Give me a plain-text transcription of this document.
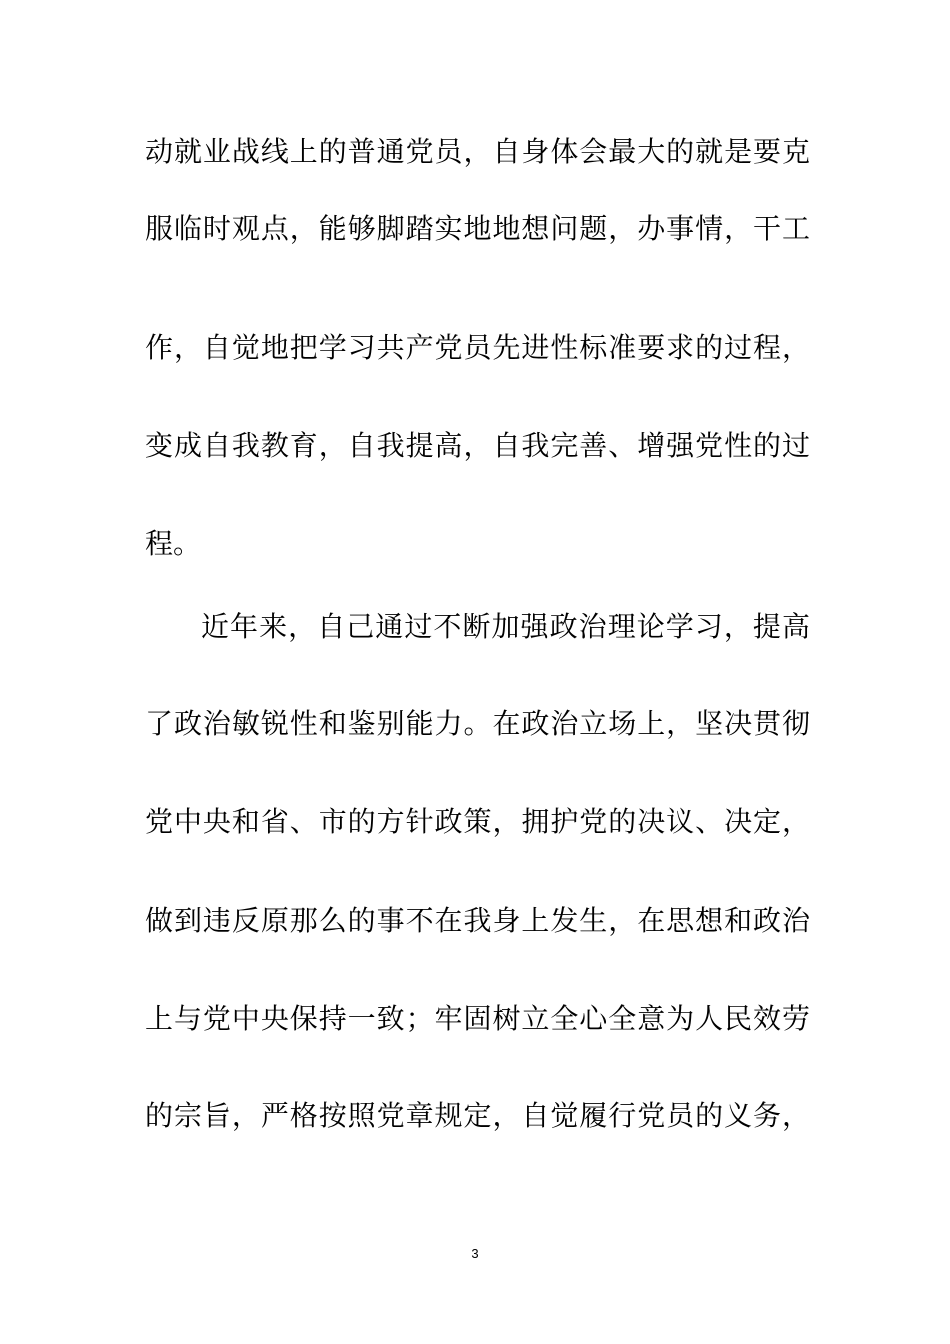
动就业战线上的普通党员，自身体会最大的就是要克
服临时观点，能够脚踏实地地想问题，办事情，干工
作，自觉地把学习共产党员先进性标准要求的过程，
变成自我教育，自我提高，自我完善、增强党性的过
程。
近年来，自己通过不断加强政治理论学习，提高
了政治敏锐性和鉴别能力。在政治立场上，坚决贯彻
党中央和省、市的方针政策，拥护党的决议、决定，
做到违反原那么的事不在我身上发生，在思想和政治
上与党中央保持一致；牢固树立全心全意为人民效劳
的宗旨，严格按照党章规定，自觉履行党员的义务，
3
